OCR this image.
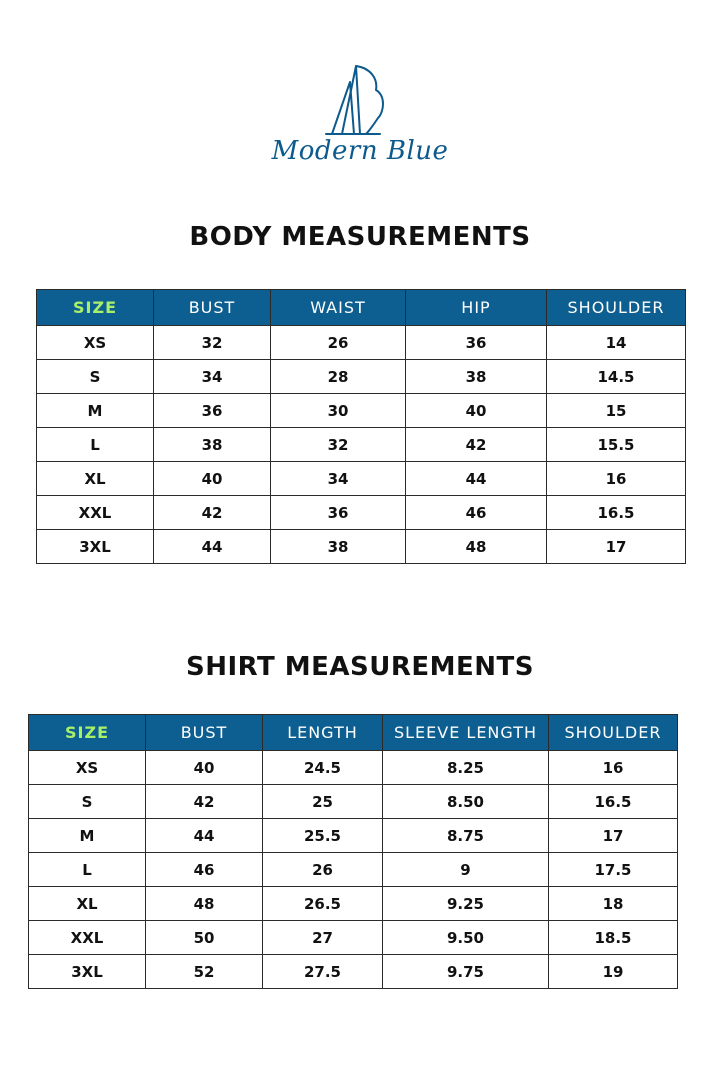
Modern Blue
BODY MEASUREMENTS
SIZE	BUST	WAIST	HIP	SHOULDER
XS	32	26	36	14
S	34	28	38	14.5
M	36	30	40	15
L	38	32	42	15.5
XL	40	34	44	16
XXL	42	36	46	16.5
3XL	44	38	48	17
SHIRT MEASUREMENTS
SIZE	BUST	LENGTH	SLEEVE LENGTH	SHOULDER
XS	40	24.5	8.25	16
S	42	25	8.50	16.5
M	44	25.5	8.75	17
L	46	26	9	17.5
XL	48	26.5	9.25	18
XXL	50	27	9.50	18.5
3XL	52	27.5	9.75	19
